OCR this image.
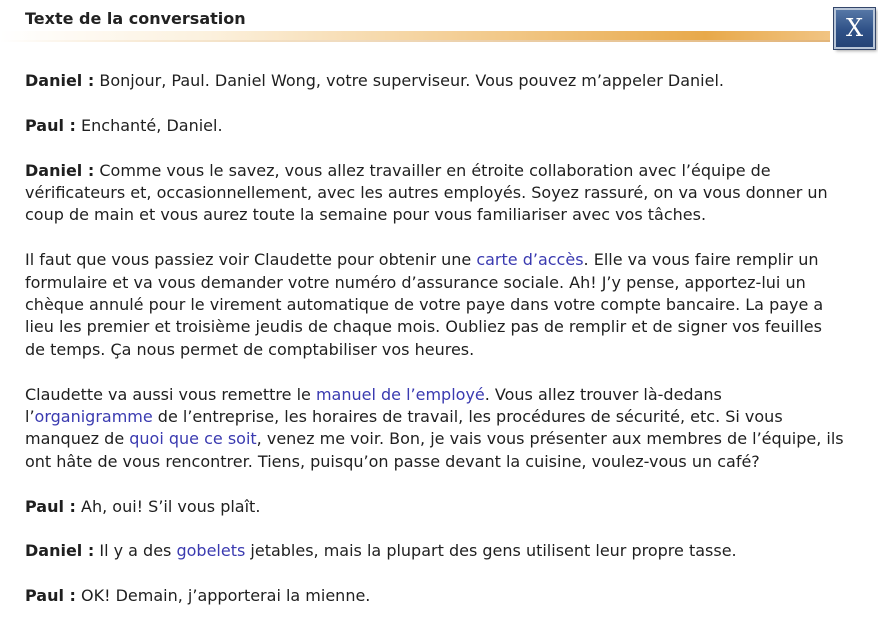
Texte de la conversation	X

Daniel : Bonjour, Paul. Daniel Wong, votre superviseur. Vous pouvez m’appeler Daniel.

Paul : Enchanté, Daniel.

Daniel : Comme vous le savez, vous allez travailler en étroite collaboration avec l’équipe de vérificateurs et, occasionnellement, avec les autres employés. Soyez rassuré, on va vous donner un coup de main et vous aurez toute la semaine pour vous familiariser avec vos tâches.

Il faut que vous passiez voir Claudette pour obtenir une carte d’accès. Elle va vous faire remplir un formulaire et va vous demander votre numéro d’assurance sociale. Ah! J’y pense, apportez-lui un chèque annulé pour le virement automatique de votre paye dans votre compte bancaire. La paye a lieu les premier et troisième jeudis de chaque mois. Oubliez pas de remplir et de signer vos feuilles de temps. Ça nous permet de comptabiliser vos heures.

Claudette va aussi vous remettre le manuel de l’employé. Vous allez trouver là-dedans l’organigramme de l’entreprise, les horaires de travail, les procédures de sécurité, etc. Si vous manquez de quoi que ce soit, venez me voir. Bon, je vais vous présenter aux membres de l’équipe, ils ont hâte de vous rencontrer. Tiens, puisqu’on passe devant la cuisine, voulez-vous un café?

Paul : Ah, oui! S’il vous plaît.

Daniel : Il y a des gobelets jetables, mais la plupart des gens utilisent leur propre tasse.

Paul : OK! Demain, j’apporterai la mienne.
